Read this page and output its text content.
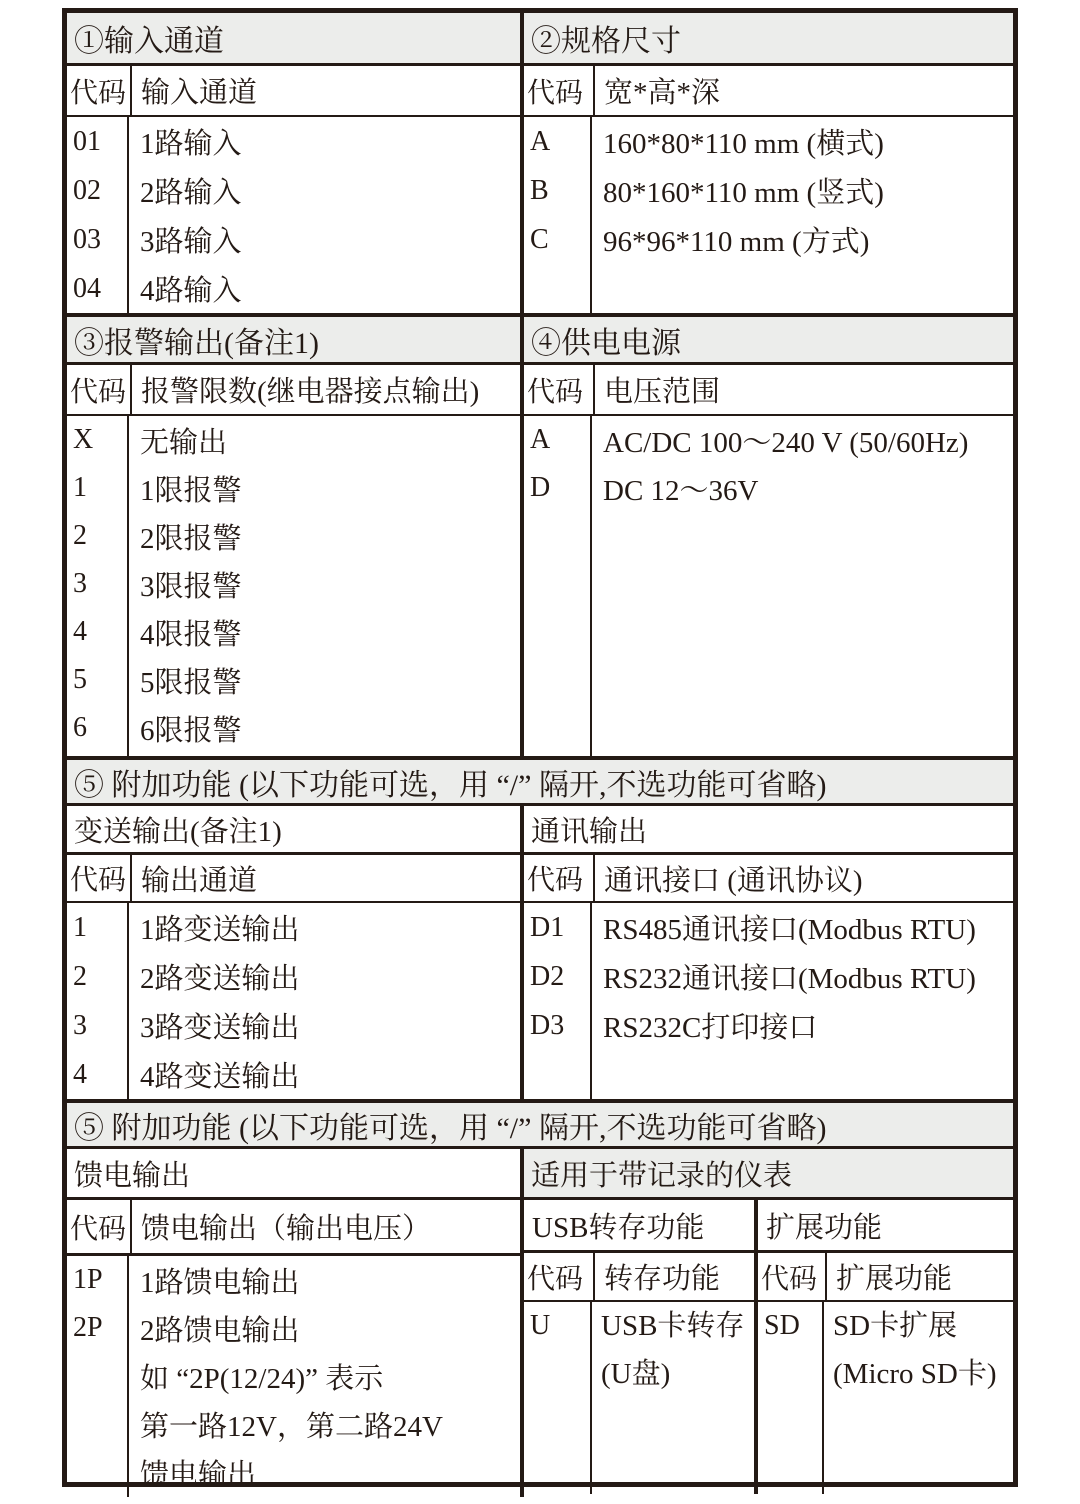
①输入通道
代码 输入通道
01	1路输入
02	2路输入
03	3路输入
04	4路输入
②规格尺寸
代码 宽*高*深
A	160*80*110 mm (横式)
B	80*160*110 mm (竖式)
C	96*96*110 mm (方式)
③报警输出(备注1)
代码 报警限数(继电器接点输出)
X	无输出
1	1限报警
2	2限报警
3	3限报警
4	4限报警
5	5限报警
6	6限报警
④供电电源
代码 电压范围
A	AC/DC 100～240 V (50/60Hz)
D	DC 12～36V
⑤ 附加功能 (以下功能可选，用 “/” 隔开,不选功能可省略)
变送输出(备注1)
代码 输出通道
1	1路变送输出
2	2路变送输出
3	3路变送输出
4	4路变送输出
通讯输出
代码 通讯接口 (通讯协议)
D1	RS485通讯接口(Modbus RTU)
D2	RS232通讯接口(Modbus RTU)
D3	RS232C打印接口
⑤ 附加功能 (以下功能可选，用 “/” 隔开,不选功能可省略)
馈电输出
代码 馈电输出（输出电压）
1P	1路馈电输出
2P	2路馈电输出
如 “2P(12/24)” 表示
第一路12V，第二路24V
馈电输出
适用于带记录的仪表
USB转存功能	扩展功能
代码 转存功能
U	USB卡转存
(U盘)
代码 扩展功能
SD	SD卡扩展
(Micro SD卡)
